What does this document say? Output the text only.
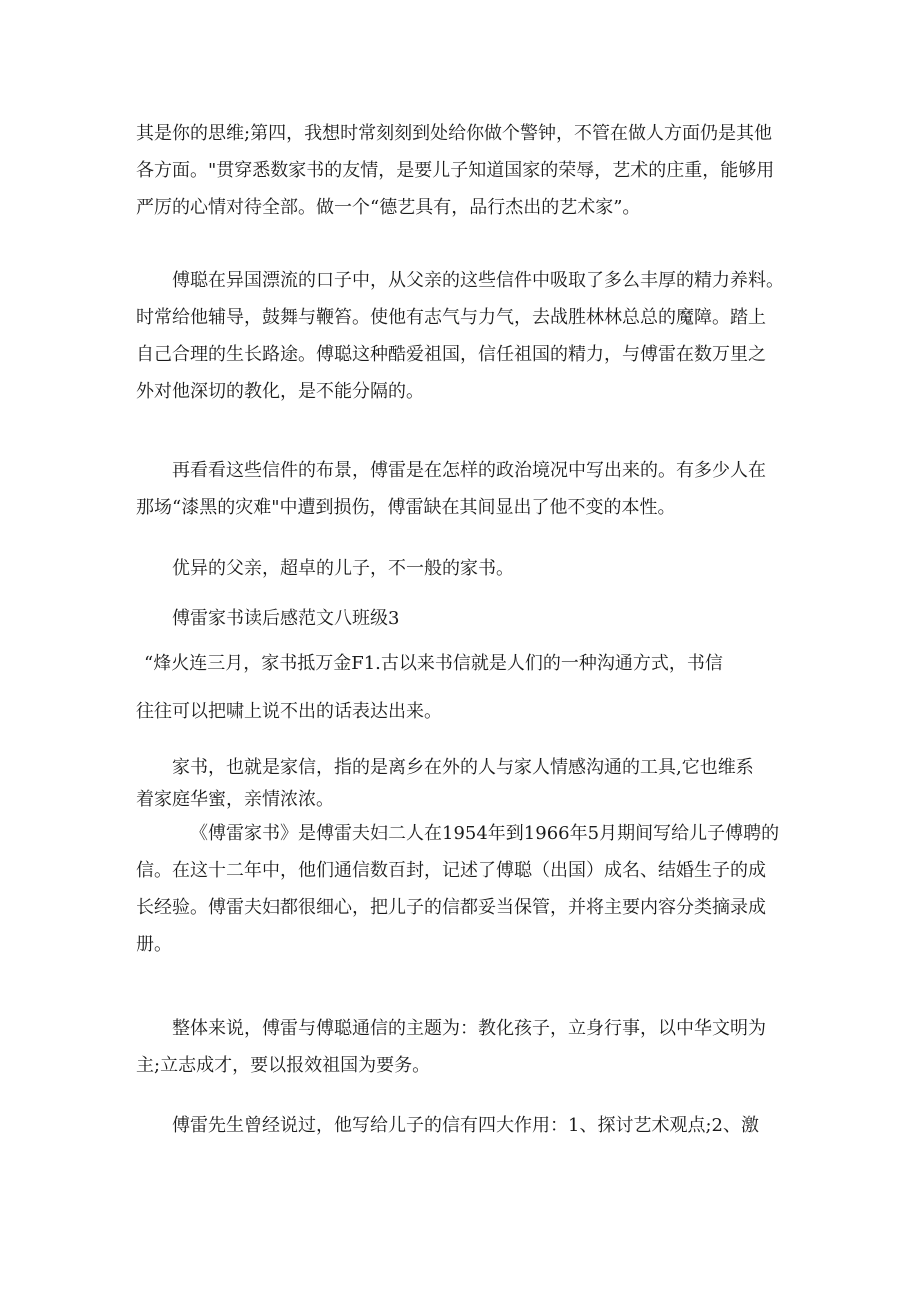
其是你的思维;第四，我想时常刻刻到处给你做个警钟，不管在做人方面仍是其他
各方面。"贯穿悉数家书的友情，是要儿子知道国家的荣辱，艺术的庄重，能够用
严厉的心情对待全部。做一个“德艺具有，品行杰出的艺术家”。
傅聪在异国漂流的口子中，从父亲的这些信件中吸取了多么丰厚的精力养料。
时常给他辅导，鼓舞与鞭笞。使他有志气与力气，去战胜林林总总的魔障。踏上
自己合理的生长路途。傅聪这种酷爱祖国，信任祖国的精力，与傅雷在数万里之
外对他深切的教化，是不能分隔的。
再看看这些信件的布景，傅雷是在怎样的政治境况中写出来的。有多少人在
那场“漆黑的灾难"中遭到损伤，傅雷缺在其间显出了他不变的本性。
优异的父亲，超卓的儿子，不一般的家书。
傅雷家书读后感范文八班级3
“烽火连三月，家书抵万金F1.古以来书信就是人们的一种沟通方式，书信
往往可以把啸上说不出的话表达出来。
家书，也就是家信，指的是离乡在外的人与家人情感沟通的工具,它也维系
着家庭华蜜，亲情浓浓。
《傅雷家书》是傅雷夫妇二人在1954年到1966年5月期间写给儿子傅聘的
信。在这十二年中，他们通信数百封，记述了傅聪（出国）成名、结婚生子的成
长经验。傅雷夫妇都很细心，把儿子的信都妥当保管，并将主要内容分类摘录成
册。
整体来说，傅雷与傅聪通信的主题为：教化孩子，立身行事，以中华文明为
主;立志成才，要以报效祖国为要务。
傅雷先生曾经说过，他写给儿子的信有四大作用：1、探讨艺术观点;2、激
